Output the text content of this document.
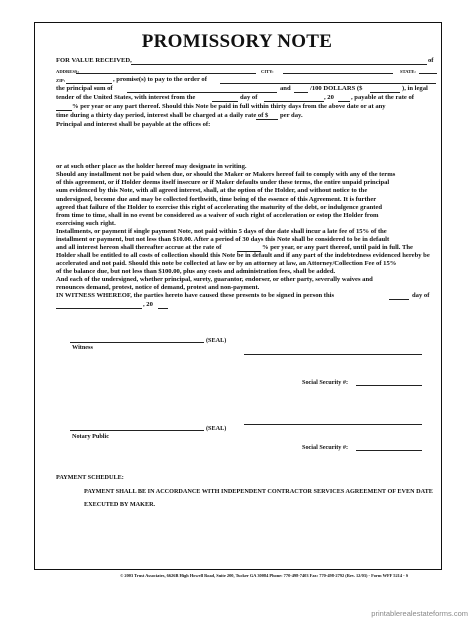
PROMISSORY NOTE
FOR VALUE RECEIVED,	of
ADDRESS:	CITY:	STATE:
ZIP:	, promise(s) to pay to the order of
the principal sum of	and	/100 DOLLARS ($	), in legal
tender of the United States, with interest from the	day of	, 20	, payable at the rate of
% per year or any part thereof. Should this Note be paid in full within thirty days from the above date or at any
time during a thirty day period, interest shall be charged at a daily rate of $	per day.
Principal and interest shall be payable at the offices of:
or at such other place as the holder hereof may designate in writing.
Should any installment not be paid when due, or should the Maker or Makers hereof fail to comply with any of the terms
of this agreement, or if Holder deems itself insecure or if Maker defaults under these terms, the entire unpaid principal
sum evidenced by this Note, with all agreed interest, shall, at the option of the Holder, and without notice to the
undersigned, become due and may be collected forthwith, time being of the essence of this Agreement. It is further
agreed that failure of the Holder to exercise this right of accelerating the maturity of the debt, or indulgence granted
from time to time, shall in no event be considered as a waiver of such right of acceleration or estop the Holder from
exercising such right.
Installments, or payment if single payment Note, not paid within 5 days of due date shall incur a late fee of 15% of the
installment or payment, but not less than $10.00. After a period of 30 days this Note shall be considered to be in default
and all interest hereon shall thereafter accrue at the rate of	% per year, or any part thereof, until paid in full. The
Holder shall be entitled to all costs of collection should this Note be in default and if any part of the indebtedness evidenced hereby be
accelerated and not paid. Should this note be collected at law or by an attorney at law, an Attorney/Collection Fee of 15%
of the balance due, but not less than $100.00, plus any costs and administration fees, shall be added.
And each of the undersigned, whether principal, surety, guarantor, endorser, or other party, severally waives and
renounces demand, protest, notice of demand, protest and non-payment.
IN WITNESS WHEREOF, the parties hereto have caused these presents to be signed in person this	day of
, 20
(SEAL)
Witness
Social Security #:
(SEAL)
Notary Public
Social Security #:
PAYMENT SCHEDULE:
PAYMENT SHALL BE IN ACCORDANCE WITH INDEPENDENT CONTRACTOR SERVICES AGREEMENT OF EVEN DATE
EXECUTED BY MAKER.
© 2003 Trust Associates, 6626B High Howell Road, Suite 200, Tucker GA 30084 Phone: 770-498-7403 Fax: 770-498-2792 (Rev. 12/03) - Form WFF 5214 - S
printablerealestateforms.com
